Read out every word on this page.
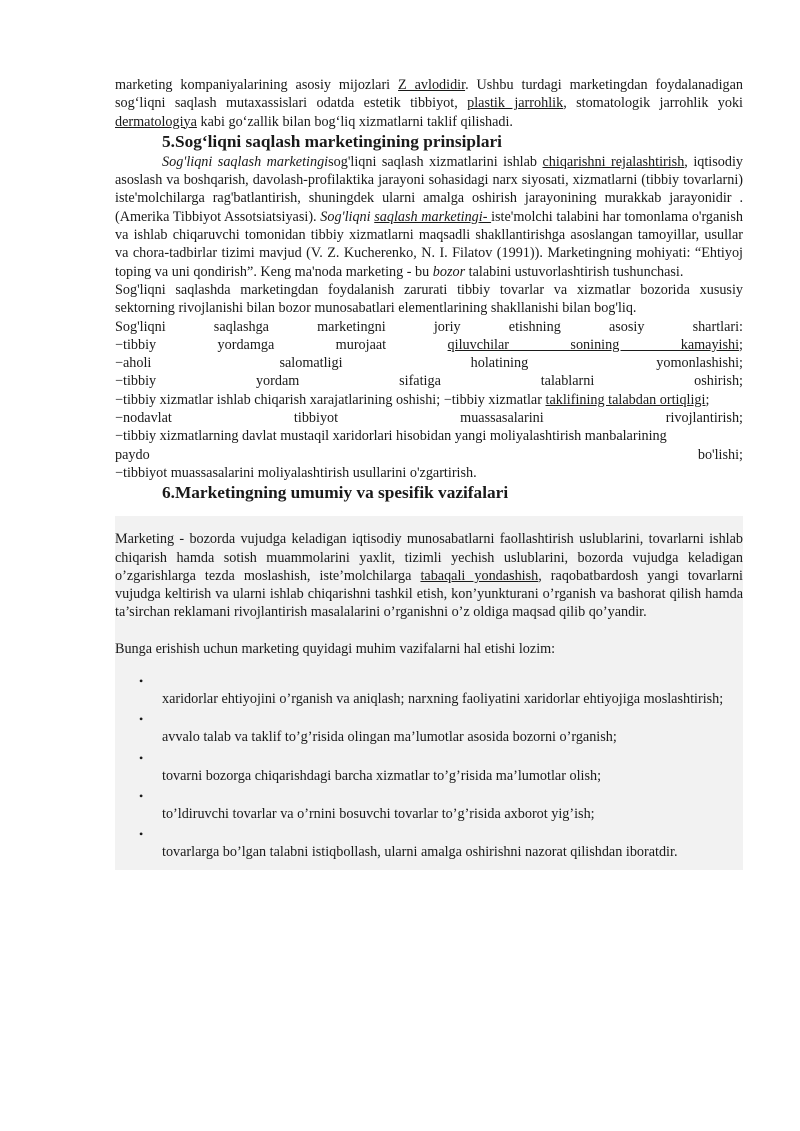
marketing kompaniyalarining asosiy mijozlari Z avlodidir. Ushbu turdagi marketingdan foydalanadigan sog‘liqni saqlash mutaxassislari odatda estetik tibbiyot, plastik jarrohlik, stomatologik jarrohlik yoki dermatologiya kabi go‘zallik bilan bog‘liq xizmatlarni taklif qilishadi.

5.Sog‘liqni saqlash marketingining prinsiplari

Sog'liqni saqlash marketingisog'liqni saqlash xizmatlarini ishlab chiqarishni rejalashtirish, iqtisodiy asoslash va boshqarish, davolash-profilaktika jarayoni sohasidagi narx siyosati, xizmatlarni (tibbiy tovarlarni) iste'molchilarga rag'batlantirish, shuningdek ularni amalga oshirish jarayonining murakkab jarayonidir . (Amerika Tibbiyot Assotsiatsiyasi). Sog'liqni saqlash marketingi- iste'molchi talabini har tomonlama o'rganish va ishlab chiqaruvchi tomonidan tibbiy xizmatlarni maqsadli shakllantirishga asoslangan tamoyillar, usullar va chora-tadbirlar tizimi mavjud (V. Z. Kucherenko, N. I. Filatov (1991)). Marketingning mohiyati: “Ehtiyoj toping va uni qondirish”. Keng ma'noda marketing - bu bozor talabini ustuvorlashtirish tushunchasi.

Sog'liqni saqlashda marketingdan foydalanish zarurati tibbiy tovarlar va xizmatlar bozorida xususiy sektorning rivojlanishi bilan bozor munosabatlari elementlarining shakllanishi bilan bog'liq.

Sog'liqni saqlashga marketingni joriy etishning asosiy shartlari:

−tibbiy yordamga murojaat qiluvchilar sonining kamayishi;

−aholi salomatligi holatining yomonlashishi;

−tibbiy yordam sifatiga talablarni oshirish;

−tibbiy xizmatlar ishlab chiqarish xarajatlarining oshishi; −tibbiy xizmatlar taklifining talabdan ortiqligi;

−nodavlat tibbiyot muassasalarini rivojlantirish;

−tibbiy xizmatlarning davlat mustaqil xaridorlari hisobidan yangi moliyalashtirish manbalarining

paydo	bo'lishi;

−tibbiyot muassasalarini moliyalashtirish usullarini o'zgartirish.

6.Marketingning umumiy va spesifik vazifalari

Marketing - bozorda vujudga keladigan iqtisodiy munosabatlarni faollashtirish uslublarini, tovarlarni ishlab chiqarish hamda sotish muammolarini yaxlit, tizimli yechish uslublarini, bozorda vujudga keladigan o’zgarishlarga tezda moslashish, iste’molchilarga tabaqali yondashish, raqobatbardosh yangi tovarlarni vujudga keltirish va ularni ishlab chiqarishni tashkil etish, kon’yunkturani o’rganish va bashorat qilish hamda ta’sirchan reklamani rivojlantirish masalalarini o’rganishni o’z oldiga maqsad qilib qo’yandir.

Bunga erishish uchun marketing quyidagi muhim vazifalarni hal etishi lozim:

•
xaridorlar ehtiyojini o’rganish va aniqlash; narxning faoliyatini xaridorlar ehtiyojiga moslashtirish;
•
avvalo talab va taklif to’g’risida olingan ma’lumotlar asosida bozorni o’rganish;
•
tovarni bozorga chiqarishdagi barcha xizmatlar to’g’risida ma’lumotlar olish;
•
to’ldiruvchi tovarlar va o’rnini bosuvchi tovarlar to’g’risida axborot yig’ish;
•
tovarlarga bo’lgan talabni istiqbollash, ularni amalga oshirishni nazorat qilishdan iboratdir.
